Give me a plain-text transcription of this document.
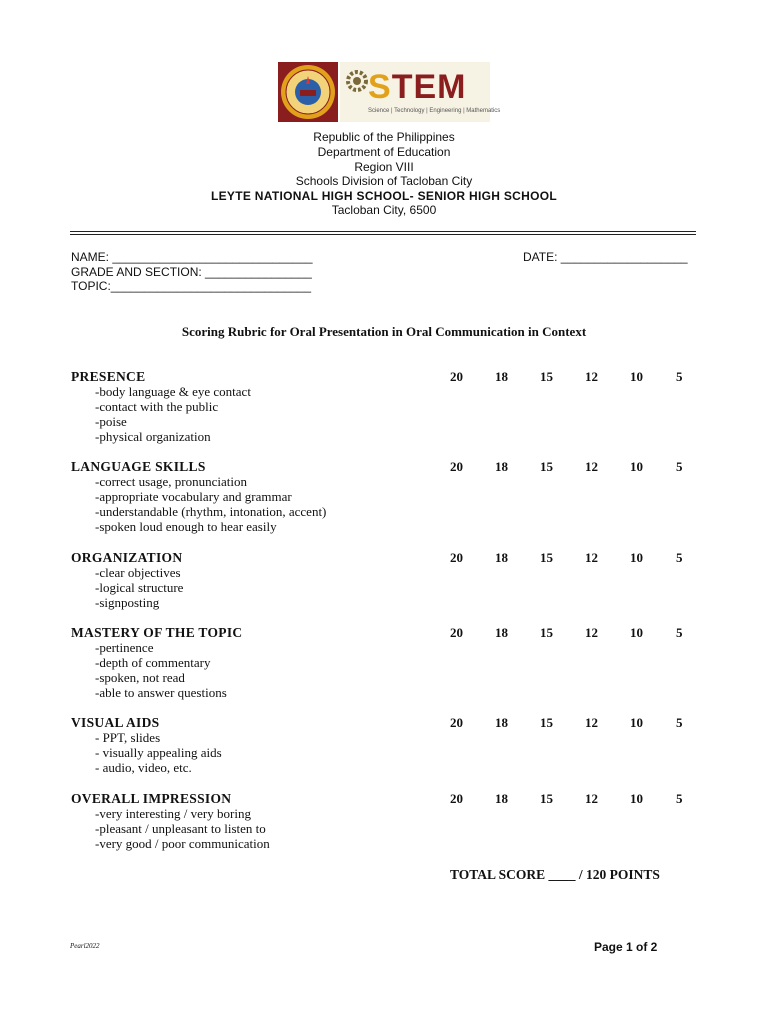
STEM
Science | Technology | Engineering | Mathematics
Republic of the Philippines
Department of Education
Region VIII
Schools Division of Tacloban City
LEYTE NATIONAL HIGH SCHOOL- SENIOR HIGH SCHOOL
Tacloban City, 6500
NAME: ______________________________	DATE: ___________________
GRADE AND SECTION: ________________
TOPIC:______________________________
Scoring Rubric for Oral Presentation in Oral Communication in Context
PRESENCE	20 18 15 12 10	5
-body language & eye contact
-contact with the public
-poise
-physical organization
LANGUAGE SKILLS	20 18 15 12 10	5
-correct usage, pronunciation
-appropriate vocabulary and grammar
-understandable (rhythm, intonation, accent)
-spoken loud enough to hear easily
ORGANIZATION	20 18 15 12 10	5
-clear objectives
-logical structure
-signposting
MASTERY OF THE TOPIC	20 18 15 12 10	5
-pertinence
-depth of commentary
-spoken, not read
-able to answer questions
VISUAL AIDS	20 18 15 12 10	5
- PPT, slides
- visually appealing aids
- audio, video, etc.
OVERALL IMPRESSION	20 18 15 12 10	5
-very interesting / very boring
-pleasant / unpleasant to listen to
-very good / poor communication
TOTAL SCORE ____ / 120 POINTS
Pearl2022	Page 1 of 2
